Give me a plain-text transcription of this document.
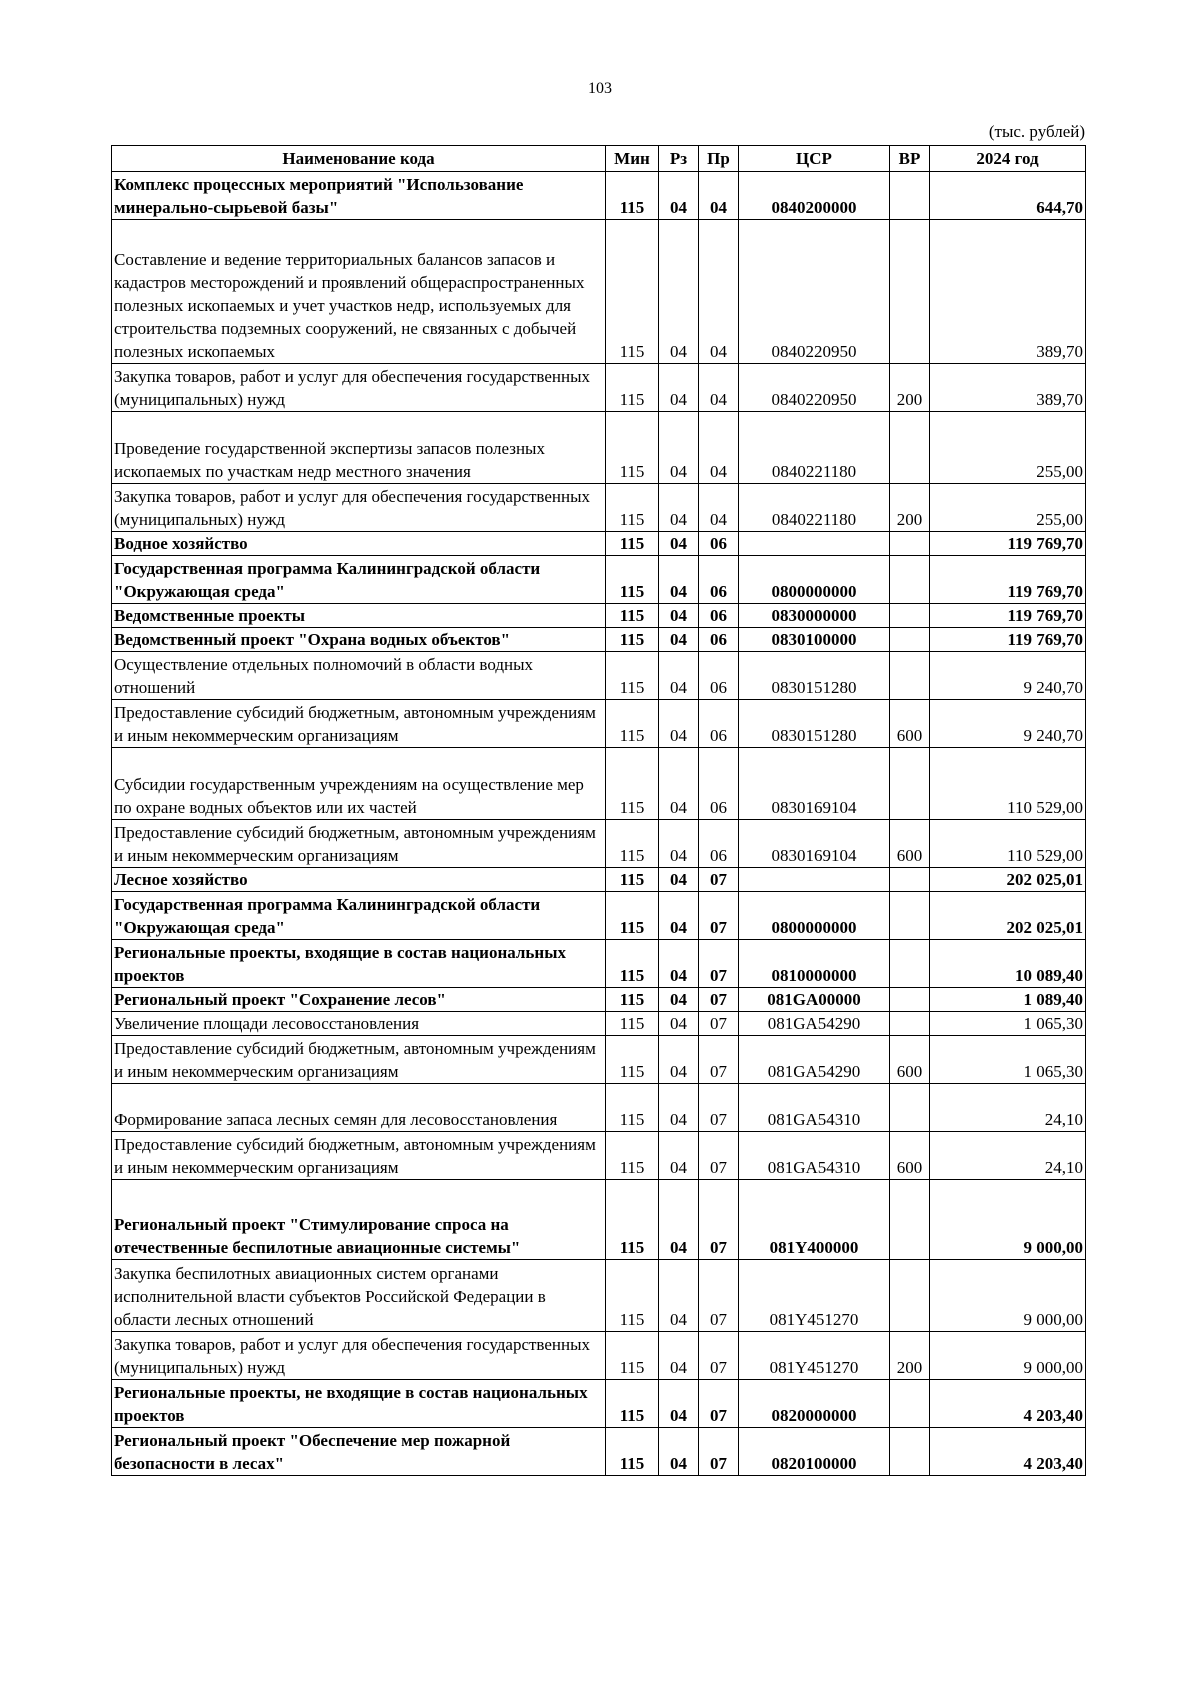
103
(тыс. рублей)
Наименование кода	Мин	Рз	Пр	ЦСР	ВР	2024 год
Комплекс процессных мероприятий "Использование минерально-сырьевой базы"	115	04	04	0840200000		644,70
Составление и ведение территориальных балансов запасов и кадастров месторождений и проявлений общераспространенных полезных ископаемых и учет участков недр, используемых для строительства подземных сооружений, не связанных с добычей полезных ископаемых	115	04	04	0840220950		389,70
Закупка товаров, работ и услуг для обеспечения государственных (муниципальных) нужд	115	04	04	0840220950	200	389,70
Проведение государственной экспертизы запасов полезных ископаемых по участкам недр местного значения	115	04	04	0840221180		255,00
Закупка товаров, работ и услуг для обеспечения государственных (муниципальных) нужд	115	04	04	0840221180	200	255,00
Водное хозяйство	115	04	06			119 769,70
Государственная программа Калининградской области "Окружающая среда"	115	04	06	0800000000		119 769,70
Ведомственные проекты	115	04	06	0830000000		119 769,70
Ведомственный проект "Охрана водных объектов"	115	04	06	0830100000		119 769,70
Осуществление отдельных полномочий в области водных отношений	115	04	06	0830151280		9 240,70
Предоставление субсидий бюджетным, автономным учреждениям и иным некоммерческим организациям	115	04	06	0830151280	600	9 240,70
Субсидии государственным учреждениям на осуществление мер по охране водных объектов или их частей	115	04	06	0830169104		110 529,00
Предоставление субсидий бюджетным, автономным учреждениям и иным некоммерческим организациям	115	04	06	0830169104	600	110 529,00
Лесное хозяйство	115	04	07			202 025,01
Государственная программа Калининградской области "Окружающая среда"	115	04	07	0800000000		202 025,01
Региональные проекты, входящие в состав национальных проектов	115	04	07	0810000000		10 089,40
Региональный проект "Сохранение лесов"	115	04	07	081GA00000		1 089,40
Увеличение площади лесовосстановления	115	04	07	081GA54290		1 065,30
Предоставление субсидий бюджетным, автономным учреждениям и иным некоммерческим организациям	115	04	07	081GA54290	600	1 065,30
Формирование запаса лесных семян для лесовосстановления	115	04	07	081GA54310		24,10
Предоставление субсидий бюджетным, автономным учреждениям и иным некоммерческим организациям	115	04	07	081GA54310	600	24,10
Региональный проект "Стимулирование спроса на отечественные беспилотные авиационные системы"	115	04	07	081Y400000		9 000,00
Закупка беспилотных авиационных систем органами исполнительной власти субъектов Российской Федерации в области лесных отношений	115	04	07	081Y451270		9 000,00
Закупка товаров, работ и услуг для обеспечения государственных (муниципальных) нужд	115	04	07	081Y451270	200	9 000,00
Региональные проекты, не входящие в состав национальных проектов	115	04	07	0820000000		4 203,40
Региональный проект "Обеспечение мер пожарной безопасности в лесах"	115	04	07	0820100000		4 203,40
